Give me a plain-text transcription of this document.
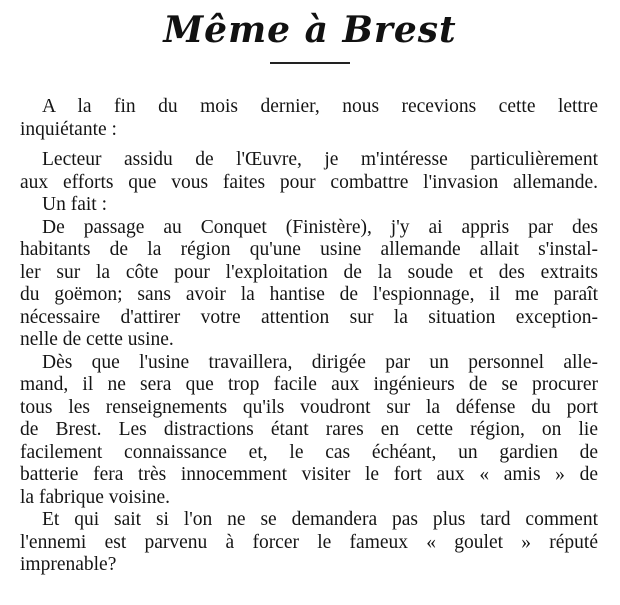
Même à Brest
A la fin du mois dernier, nous recevions cette lettre
inquiétante :
Lecteur assidu de l'Œuvre, je m'intéresse particulièrement
aux efforts que vous faites pour combattre l'invasion allemande.
Un fait :
De passage au Conquet (Finistère), j'y ai appris par des
habitants de la région qu'une usine allemande allait s'instal-
ler sur la côte pour l'exploitation de la soude et des extraits
du goëmon; sans avoir la hantise de l'espionnage, il me paraît
nécessaire d'attirer votre attention sur la situation exception-
nelle de cette usine.
Dès que l'usine travaillera, dirigée par un personnel alle-
mand, il ne sera que trop facile aux ingénieurs de se procurer
tous les renseignements qu'ils voudront sur la défense du port
de Brest. Les distractions étant rares en cette région, on lie
facilement connaissance et, le cas échéant, un gardien de
batterie fera très innocemment visiter le fort aux « amis » de
la fabrique voisine.
Et qui sait si l'on ne se demandera pas plus tard comment
l'ennemi est parvenu à forcer le fameux « goulet » réputé
imprenable?
